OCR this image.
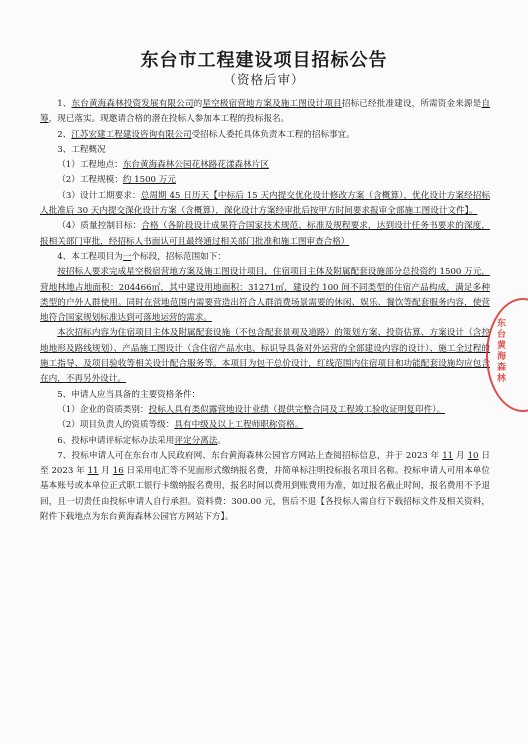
东台市工程建设项目招标公告
（资格后审）

1、东台黄海森林投资发展有限公司的星空极宿营地方案及施工图设计项目招标已经批准建设，所需资金来源是自筹，现已落实。现邀请合格的潜在投标人参加本工程的投标报名。

2、江苏宏建工程建设咨询有限公司受招标人委托具体负责本工程的招标事宜。

3、工程概况

（1）工程地点：东台黄海森林公园花林路花漾森林片区

（2）工程规模：约 1500 万元

（3）设计工期要求：总周期 45 日历天【中标后 15 天内提交优化设计修改方案（含概算），优化设计方案经招标人批准后 30 天内提交深化设计方案（含概算），深化设计方案经审批后按甲方时间要求报审全部施工图设计文件】。

（4）质量控制目标：合格（各阶段设计成果符合国家技术规范、标准及规程要求，达到设计任务书要求的深度，报相关部门审批，经招标人书面认可且最终通过相关部门批准和施工图审查合格）

4、本工程项目为一个标段，招标范围如下：

按招标人要求完成星空极宿营地方案及施工图设计项目，住宿项目主体及附属配套设施部分总投资约 1500 万元，营地林地占地面积：204466㎡，其中建设用地面积：31271㎡，建设约 100 间不同类型的住宿产品构成，满足多种类型的户外人群使用。同时在营地范围内需要营造出符合人群消费场景需要的休闲、娱乐、餐饮等配套服务内容，使营地符合国家规划标准达到可落地运营的需求。

本次招标内容为住宿项目主体及附属配套设施（不包含配套景观及道路）的策划方案、投资估算、方案设计（含控地地形及路线规划）、产品施工图设计（含住宿产品水电、标识导具备对外运营的全部建设内容的设计）、施工全过程的施工指导、及项目验收等相关设计配合服务等。本项目为包干总价设计，红线范围内住宿项目和功能配套设施均应包含在内，不再另外设计。

5、申请人应当具备的主要资格条件：

（1）企业的资质类别：投标人具有类似露营地设计业绩（提供完整合同及工程竣工验收证明复印件）。

（2）项目负责人的资质等级：具有中级及以上工程师职称资格。

6、投标申请评标定标办法采用评定分离法。

7、投标申请人可在东台市人民政府网、东台黄海森林公园官方网站上查阅招标信息，并于 2023 年 11 月 10 日至 2023 年 11 月 16 日采用电汇等不见面形式缴纳报名费，并简单标注明投标报名项目名称。投标申请人可用本单位基本账号或本单位正式职工银行卡缴纳报名费用，报名时间以费用到账费用为准，如过报名截止时间，报名费用不予退回，且一切责任由投标申请人自行承担。资料费：300.00 元，售后不退【各投标人需自行下载招标文件及相关资料，附件下载地点为东台黄海森林公园官方网站下方】。

东台黄海森林
